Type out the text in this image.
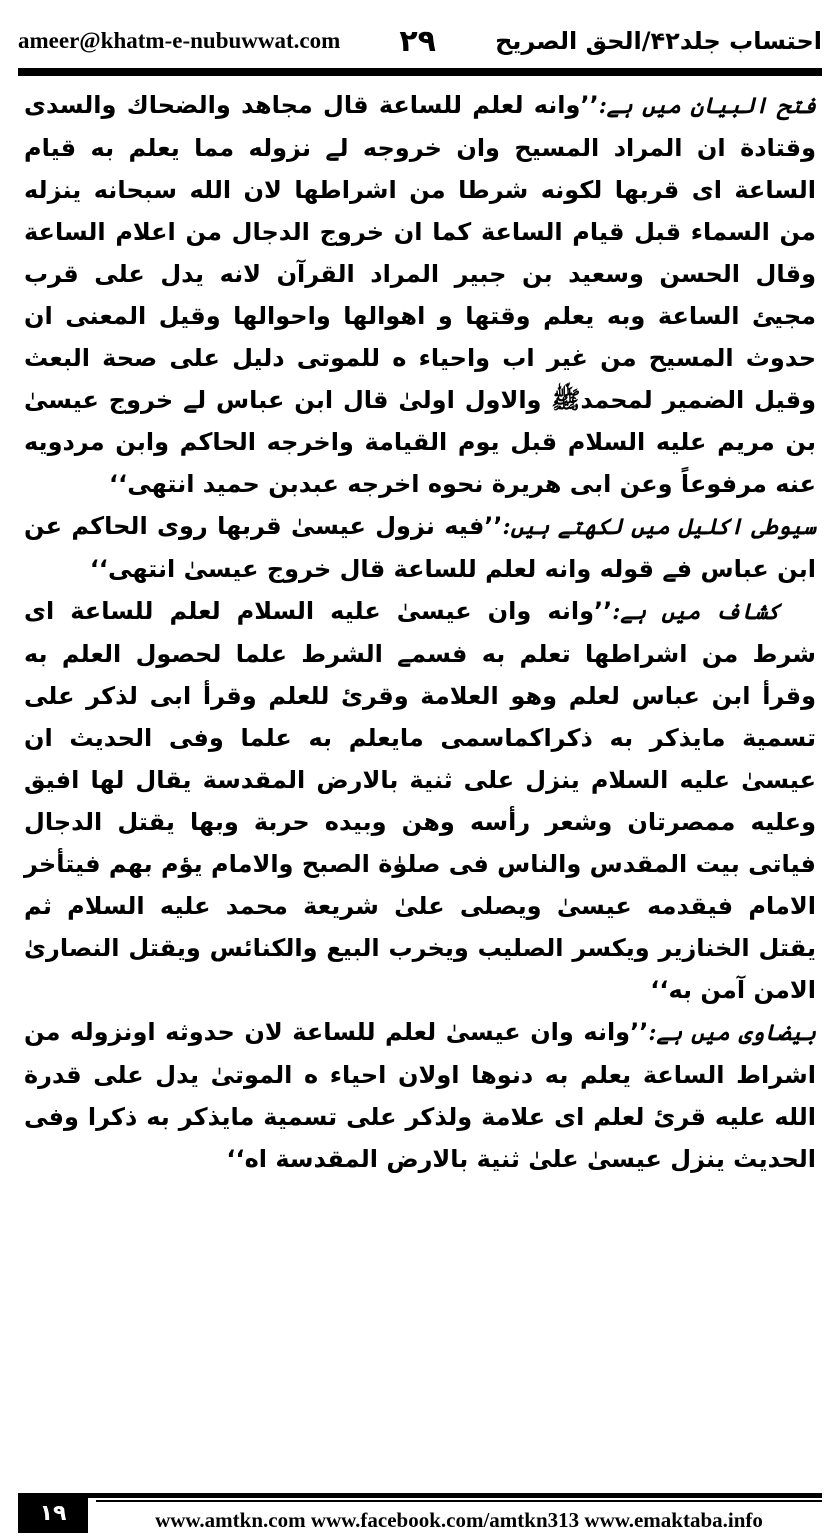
ameer@khatm-e-nubuwwat.com ۲۹ احتساب جلد۴۲/الحق الصريح

فتح البیان میں ہے:’’وانه لعلم للساعة قال مجاهد والضحاك والسدی وقتادة ان المراد المسيح وان خروجه لے نزوله مما يعلم به قيام الساعة ای قربها لكونه شرطا من اشراطها لان الله سبحانه ينزله من السماء قبل قيام الساعة كما ان خروج الدجال من اعلام الساعة وقال الحسن وسعيد بن جبير المراد القرآن لانه يدل علی قرب مجيئ الساعة وبه يعلم وقتها و اهوالها واحوالها وقيل المعنی ان حدوث المسيح من غير اب واحياء ه للموتی دليل علی صحة البعث وقيل الضمير لمحمدﷺ والاول اولیٰ قال ابن عباس لے خروج عيسیٰ بن مريم عليه السلام قبل يوم القيامة واخرجه الحاكم وابن مردويه عنه مرفوعاً وعن ابی هريرة نحوه اخرجه عبدبن حميد انتهی‘‘

سیوطی اکلیل میں لکھتے ہیں:’’فيه نزول عيسیٰ قربها روی الحاكم عن ابن عباس فے قوله وانه لعلم للساعة قال خروج عيسیٰ انتهی‘‘

کشاف میں ہے:’’وانه وان عيسیٰ عليه السلام لعلم للساعة ای شرط من اشراطها تعلم به فسمے الشرط علما لحصول العلم به وقرأ ابن عباس لعلم وهو العلامة وقرئ للعلم وقرأ ابی لذكر علی تسمية مايذكر به ذكراكماسمی مايعلم به علما وفی الحديث ان عيسیٰ عليه السلام ينزل علی ثنية بالارض المقدسة يقال لها افيق وعليه ممصرتان وشعر رأسه وهن وبيده حربة وبها يقتل الدجال فياتی بيت المقدس والناس فی صلوٰة الصبح والامام يؤم بهم فيتأخر الامام فيقدمه عيسیٰ ويصلی علیٰ شريعة محمد عليه السلام ثم يقتل الخنازير ويكسر الصليب ويخرب البيع والكنائس ويقتل النصاریٰ الامن آمن به‘‘

بیضاوی میں ہے:’’وانه وان عيسیٰ لعلم للساعة لان حدوثه اونزوله من اشراط الساعة يعلم به دنوها اولان احياء ه الموتیٰ يدل علی قدرة الله عليه قرئ لعلم ای علامة ولذكر علی تسمية مايذكر به ذكرا وفی الحديث ينزل عيسیٰ علیٰ ثنية بالارض المقدسة اه‘‘

۱۹	www.amtkn.com www.facebook.com/amtkn313 www.emaktaba.info
